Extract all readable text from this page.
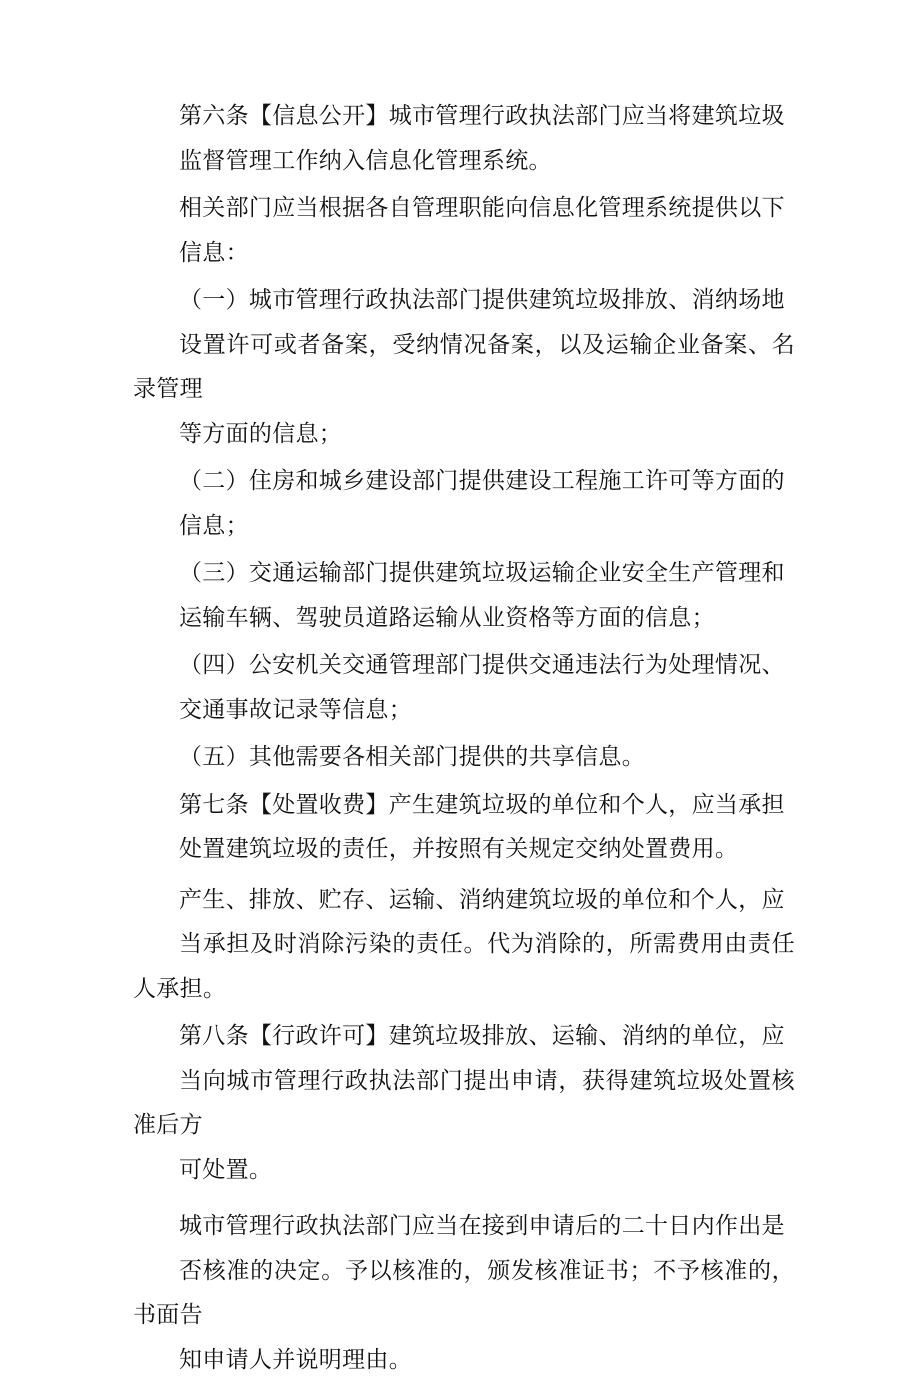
第六条【信息公开】城市管理行政执法部门应当将建筑垃圾
监督管理工作纳入信息化管理系统。

相关部门应当根据各自管理职能向信息化管理系统提供以下
信息：

（一）城市管理行政执法部门提供建筑垃圾排放、消纳场地
设置许可或者备案，受纳情况备案，以及运输企业备案、名录管理
等方面的信息；

（二）住房和城乡建设部门提供建设工程施工许可等方面的
信息；

（三）交通运输部门提供建筑垃圾运输企业安全生产管理和
运输车辆、驾驶员道路运输从业资格等方面的信息；

（四）公安机关交通管理部门提供交通违法行为处理情况、
交通事故记录等信息；

（五）其他需要各相关部门提供的共享信息。

第七条【处置收费】产生建筑垃圾的单位和个人，应当承担
处置建筑垃圾的责任，并按照有关规定交纳处置费用。

产生、排放、贮存、运输、消纳建筑垃圾的单位和个人，应
当承担及时消除污染的责任。代为消除的，所需费用由责任人承担。

第八条【行政许可】建筑垃圾排放、运输、消纳的单位，应
当向城市管理行政执法部门提出申请，获得建筑垃圾处置核准后方
可处置。

城市管理行政执法部门应当在接到申请后的二十日内作出是
否核准的决定。予以核准的，颁发核准证书；不予核准的，书面告
知申请人并说明理由。
